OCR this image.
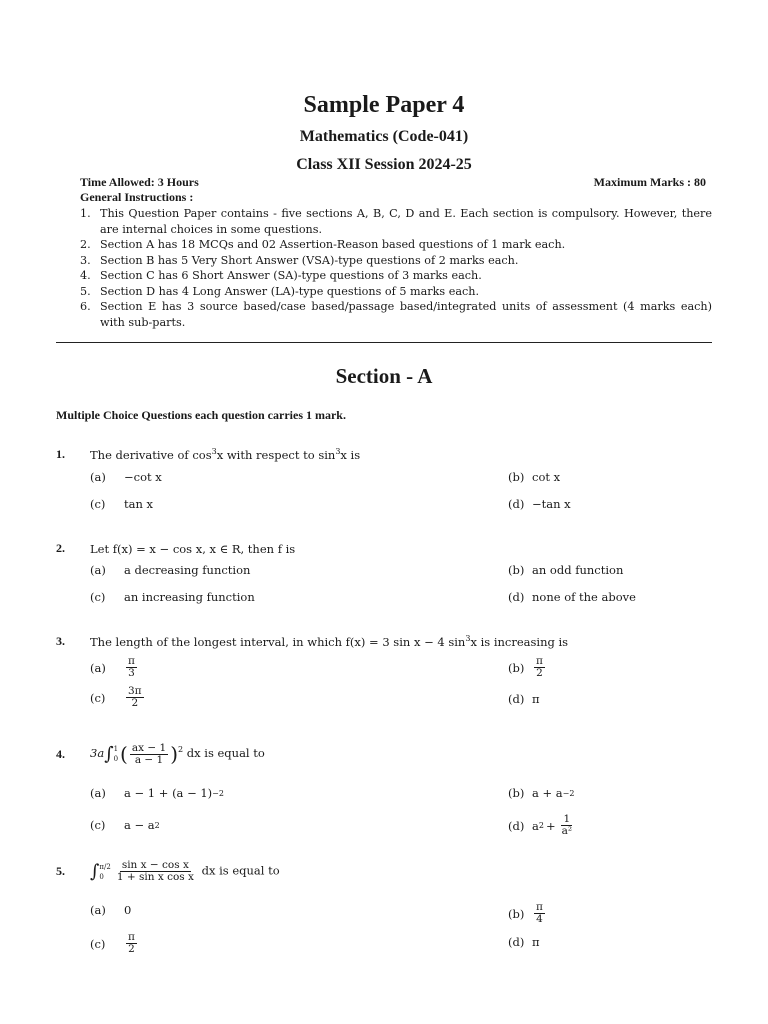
Sample Paper 4
Mathematics (Code-041)
Class XII Session 2024-25
Time Allowed: 3 Hours	Maximum Marks : 80
General Instructions :
1. This Question Paper contains - five sections A, B, C, D and E. Each section is compulsory. However, there are internal choices in some questions.
2. Section A has 18 MCQs and 02 Assertion-Reason based questions of 1 mark each.
3. Section B has 5 Very Short Answer (VSA)-type questions of 2 marks each.
4. Section C has 6 Short Answer (SA)-type questions of 3 marks each.
5. Section D has 4 Long Answer (LA)-type questions of 5 marks each.
6. Section E has 3 source based/case based/passage based/integrated units of assessment (4 marks each) with sub-parts.
Section - A
Multiple Choice Questions each question carries 1 mark.
1.	The derivative of $\cos^3x$ with respect to $\sin^3x$ is
(a)	−cot x	(b) cot x
(c)	tan x	(d) −tan x
2.	Let f(x) = x − cos x, x ∈ R, then f is
(a)	a decreasing function	(b) an odd function
(c)	an increasing function	(d) none of the above
3.	The length of the longest interval, in which f(x) = 3 sin x − 4 $\sin^3x$ is increasing is
(a)	$\frac{\pi}{3}$	$(b) \frac{\pi}{2}$
(c)	$\frac{3\pi}{2}$	(d) π
4.	3a∫ 1
0 ( $\frac{ax - 1}{a - 1} )^2$ dx is equal to
(a)	a − 1 + (a − 1) −2	(b) a + a −2
(c)	a − a 2	(d) a $2 + \frac{1}{\text{a²}}$
5.	∫ π/2
0	$\frac{\text{sin x − cos x}}{\text{1 + sin x cos x}}$ dx is equal to
(a)	0	$(b) \frac{\pi}{4}$
(c)	$\frac{\pi}{2}$	(d) π
